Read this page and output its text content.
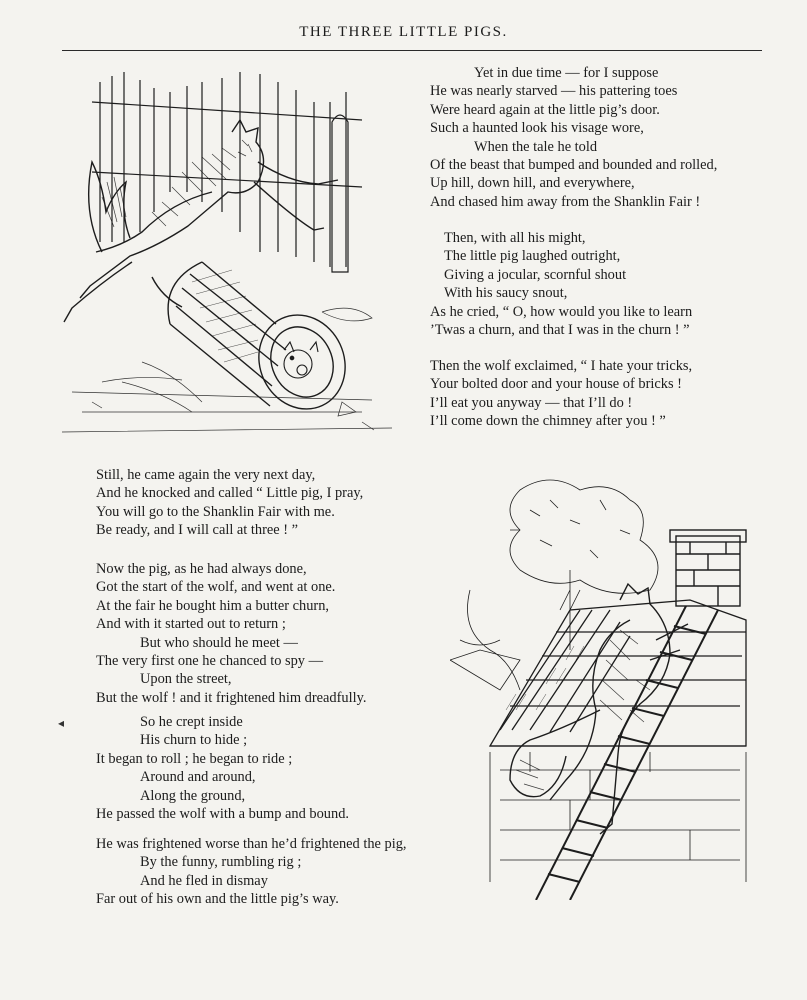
THE THREE LITTLE PIGS.
◂
Yet in due time — for I suppose
He was nearly starved — his pattering toes
Were heard again at the little pig’s door.
Such a haunted look his visage wore,
When the tale he told
Of the beast that bumped and bounded and rolled,
Up hill, down hill, and everywhere,
And chased him away from the Shanklin Fair !
Then, with all his might,
The little pig laughed outright,
Giving a jocular, scornful shout
With his saucy snout,
As he cried, “ O, how would you like to learn
’Twas a churn, and that I was in the churn ! ”
Then the wolf exclaimed, “ I hate your tricks,
Your bolted door and your house of bricks !
I’ll eat you anyway — that I’ll do !
I’ll come down the chimney after you ! ”
Still, he came again the very next day,
And he knocked and called “ Little pig, I pray,
You will go to the Shanklin Fair with me.
Be ready, and I will call at three ! ”
Now the pig, as he had always done,
Got the start of the wolf, and went at one.
At the fair he bought him a butter churn,
And with it started out to return ;
But who should he meet —
The very first one he chanced to spy —
Upon the street,
But the wolf ! and it frightened him dreadfully.
So he crept inside
His churn to hide ;
It began to roll ; he began to ride ;
Around and around,
Along the ground,
He passed the wolf with a bump and bound.
He was frightened worse than he’d frightened the pig,
By the funny, rumbling rig ;
And he fled in dismay
Far out of his own and the little pig’s way.
